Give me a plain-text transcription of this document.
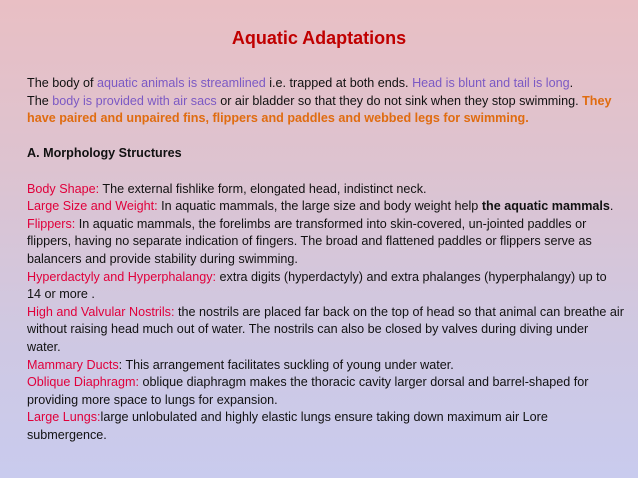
Aquatic Adaptations

The body of aquatic animals is streamlined i.e. trapped at both ends. Head is blunt and tail is long.

The body is provided with air sacs or air bladder so that they do not sink when they stop swimming. They have paired and unpaired fins, flippers and paddles and webbed legs for swimming.

A. Morphology Structures

Body Shape: The external fishlike form, elongated head, indistinct neck.

Large Size and Weight: In aquatic mammals, the large size and body weight help the aquatic mammals.

Flippers: In aquatic mammals, the forelimbs are transformed into skin-covered, un-jointed paddles or flippers, having no separate indication of fingers. The broad and flattened paddles or flippers serve as balancers and provide stability during swimming.

Hyperdactyly and Hyperphalangy: extra digits (hyperdactyly) and extra phalanges (hyperphalangy) up to 14 or more .

High and Valvular Nostrils: the nostrils are placed far back on the top of head so that animal can breathe air without raising head much out of water. The nostrils can also be closed by valves during diving under water.

Mammary Ducts: This arrangement facilitates suckling of young under water.

Oblique Diaphragm: oblique diaphragm makes the thoracic cavity larger dorsal and barrel-shaped for providing more space to lungs for expansion.

Large Lungs:large unlobulated and highly elastic lungs ensure taking down maximum air Lore submergence.
